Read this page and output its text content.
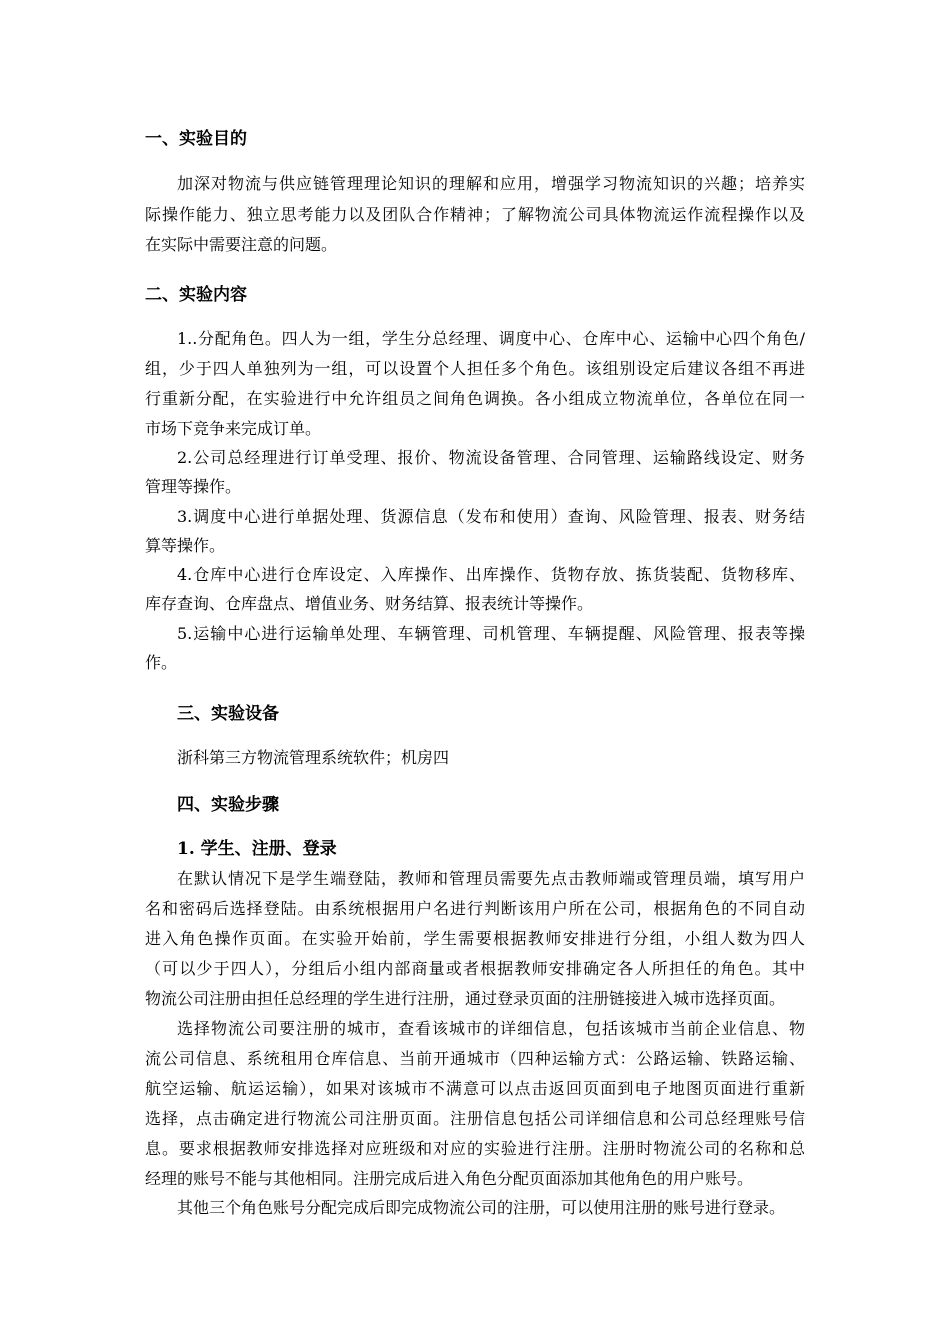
一、实验目的
加深对物流与供应链管理理论知识的理解和应用，增强学习物流知识的兴趣；培养实
际操作能力、独立思考能力以及团队合作精神；了解物流公司具体物流运作流程操作以及
在实际中需要注意的问题。
二、实验内容
1..分配角色。四人为一组，学生分总经理、调度中心、仓库中心、运输中心四个角色/
组，少于四人单独列为一组，可以设置个人担任多个角色。该组别设定后建议各组不再进
行重新分配，在实验进行中允许组员之间角色调换。各小组成立物流单位，各单位在同一
市场下竞争来完成订单。
2.公司总经理进行订单受理、报价、物流设备管理、合同管理、运输路线设定、财务
管理等操作。
3.调度中心进行单据处理、货源信息（发布和使用）查询、风险管理、报表、财务结
算等操作。
4.仓库中心进行仓库设定、入库操作、出库操作、货物存放、拣货装配、货物移库、
库存查询、仓库盘点、增值业务、财务结算、报表统计等操作。
5.运输中心进行运输单处理、车辆管理、司机管理、车辆提醒、风险管理、报表等操
作。
三、实验设备
浙科第三方物流管理系统软件；机房四
四、实验步骤
1. 学生、注册、登录
在默认情况下是学生端登陆，教师和管理员需要先点击教师端或管理员端，填写用户
名和密码后选择登陆。由系统根据用户名进行判断该用户所在公司，根据角色的不同自动
进入角色操作页面。在实验开始前，学生需要根据教师安排进行分组，小组人数为四人
（可以少于四人），分组后小组内部商量或者根据教师安排确定各人所担任的角色。其中
物流公司注册由担任总经理的学生进行注册，通过登录页面的注册链接进入城市选择页面。
选择物流公司要注册的城市，查看该城市的详细信息，包括该城市当前企业信息、物
流公司信息、系统租用仓库信息、当前开通城市（四种运输方式：公路运输、铁路运输、
航空运输、航运运输），如果对该城市不满意可以点击返回页面到电子地图页面进行重新
选择，点击确定进行物流公司注册页面。注册信息包括公司详细信息和公司总经理账号信
息。要求根据教师安排选择对应班级和对应的实验进行注册。注册时物流公司的名称和总
经理的账号不能与其他相同。注册完成后进入角色分配页面添加其他角色的用户账号。
其他三个角色账号分配完成后即完成物流公司的注册，可以使用注册的账号进行登录。
